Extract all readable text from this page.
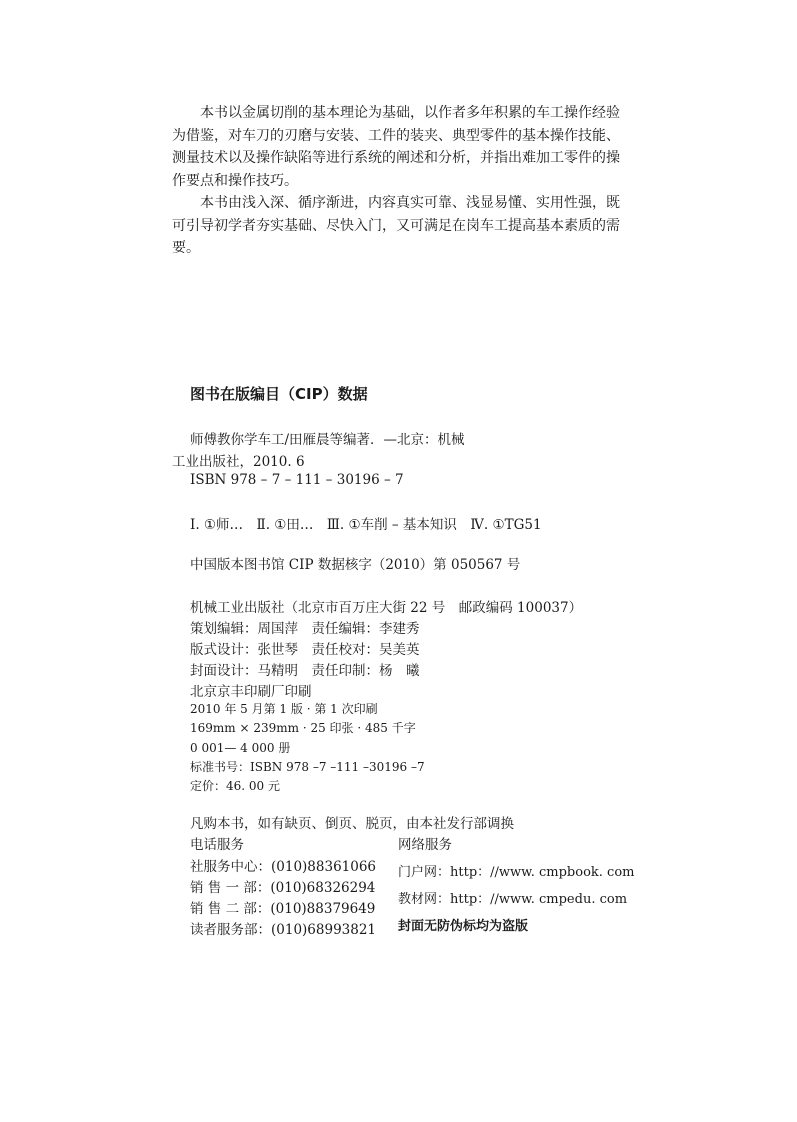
本书以金属切削的基本理论为基础，以作者多年积累的车工操作经验为借鉴，对车刀的刃磨与安装、工件的装夹、典型零件的基本操作技能、测量技术以及操作缺陷等进行系统的阐述和分析，并指出难加工零件的操作要点和操作技巧。

本书由浅入深、循序渐进，内容真实可靠、浅显易懂、实用性强，既可引导初学者夯实基础、尽快入门，又可满足在岗车工提高基本素质的需要。

图书在版编目（CIP）数据
师傅教你学车工/田雁晨等编著．—北京：机械
工业出版社，2010. 6
ISBN 978 – 7 – 111 – 30196 – 7
Ⅰ. ①师…　Ⅱ. ①田…　Ⅲ. ①车削 – 基本知识　Ⅳ. ①TG51
中国版本图书馆 CIP 数据核字（2010）第 050567 号
机械工业出版社（北京市百万庄大街 22 号　邮政编码 100037）
策划编辑：周国萍　责任编辑：李建秀
版式设计：张世琴　责任校对：吴美英
封面设计：马精明　责任印制：杨　曦
北京京丰印刷厂印刷
2010 年 5 月第 1 版 · 第 1 次印刷
169mm × 239mm · 25 印张 · 485 千字
0 001— 4 000 册
标准书号：ISBN 978 –7 –111 –30196 –7
定价：46. 00 元
凡购本书，如有缺页、倒页、脱页，由本社发行部调换
电话服务	网络服务
社服务中心：(010)88361066
销 售 一 部：(010)68326294
销 售 二 部：(010)88379649
读者服务部：(010)68993821
门户网：http：//www. cmpbook. com
教材网：http：//www. cmpedu. com
封面无防伪标均为盗版
